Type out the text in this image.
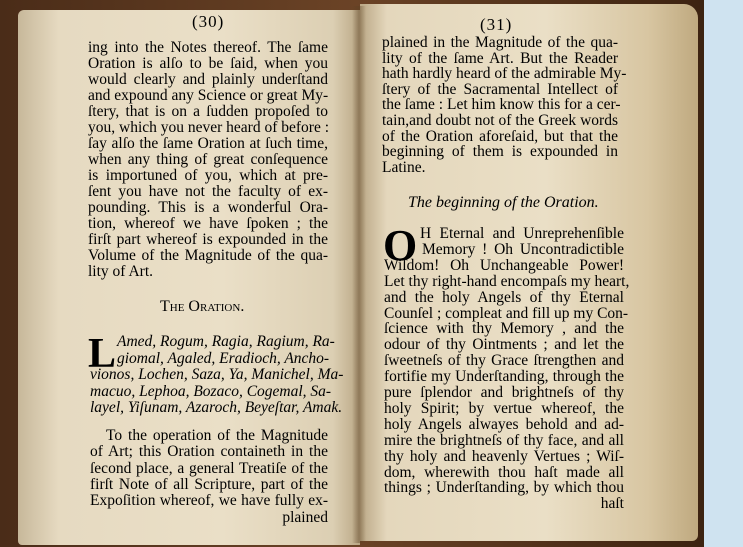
(30)
ing into the Notes thereof. The ſame
Oration is alſo to be ſaid, when you
would clearly and plainly underſtand
and expound any Science or great My-
ſtery, that is on a ſudden propoſed to
you, which you never heard of before :
ſay alſo the ſame Oration at ſuch time,
when any thing of great conſequence
is importuned of you, which at pre-
ſent you have not the faculty of ex-
pounding. This is a wonderful Ora-
tion, whereof we have ſpoken ; the
firſt part whereof is expounded in the
Volume of the Magnitude of the qua-
lity of Art.
The Oration.
L Amed, Rogum, Ragia, Ragium, Ra-
giomal, Agaled, Eradioch, Ancho-
vionos, Lochen, Saza, Ya, Manichel, Ma-
macuo, Lephoa, Bozaco, Cogemal, Sa-
layel, Yiſunam, Azaroch, Beyeſtar, Amak.
To the operation of the Magnitude
of Art; this Oration containeth in the
ſecond place, a general Treatiſe of the
firſt Note of all Scripture, part of the
Expoſition whereof, we have fully ex-
plained
(31)
plained in the Magnitude of the qua-
lity of the ſame Art. But the Reader
hath hardly heard of the admirable My-
ſtery of the Sacramental Intellect of
the ſame : Let him know this for a cer-
tain,and doubt not of the Greek words
of the Oration aforeſaid, but that the
beginning of them is expounded in
Latine.
The beginning of the Oration.
O H Eternal and Unreprehenſible
Memory ! Oh Uncontradictible
Wiſdom! Oh Unchangeable Power!
Let thy right-hand encompaſs my heart,
and the holy Angels of thy Eternal
Counſel ; compleat and fill up my Con-
ſcience with thy Memory , and the
odour of thy Ointments ; and let the
ſweetneſs of thy Grace ſtrengthen and
fortifie my Underſtanding, through the
pure ſplendor and brightneſs of thy
holy Spirit; by vertue whereof, the
holy Angels alwayes behold and ad-
mire the brightneſs of thy face, and all
thy holy and heavenly Vertues ; Wiſ-
dom, wherewith thou haſt made all
things ; Underſtanding, by which thou
haſt
